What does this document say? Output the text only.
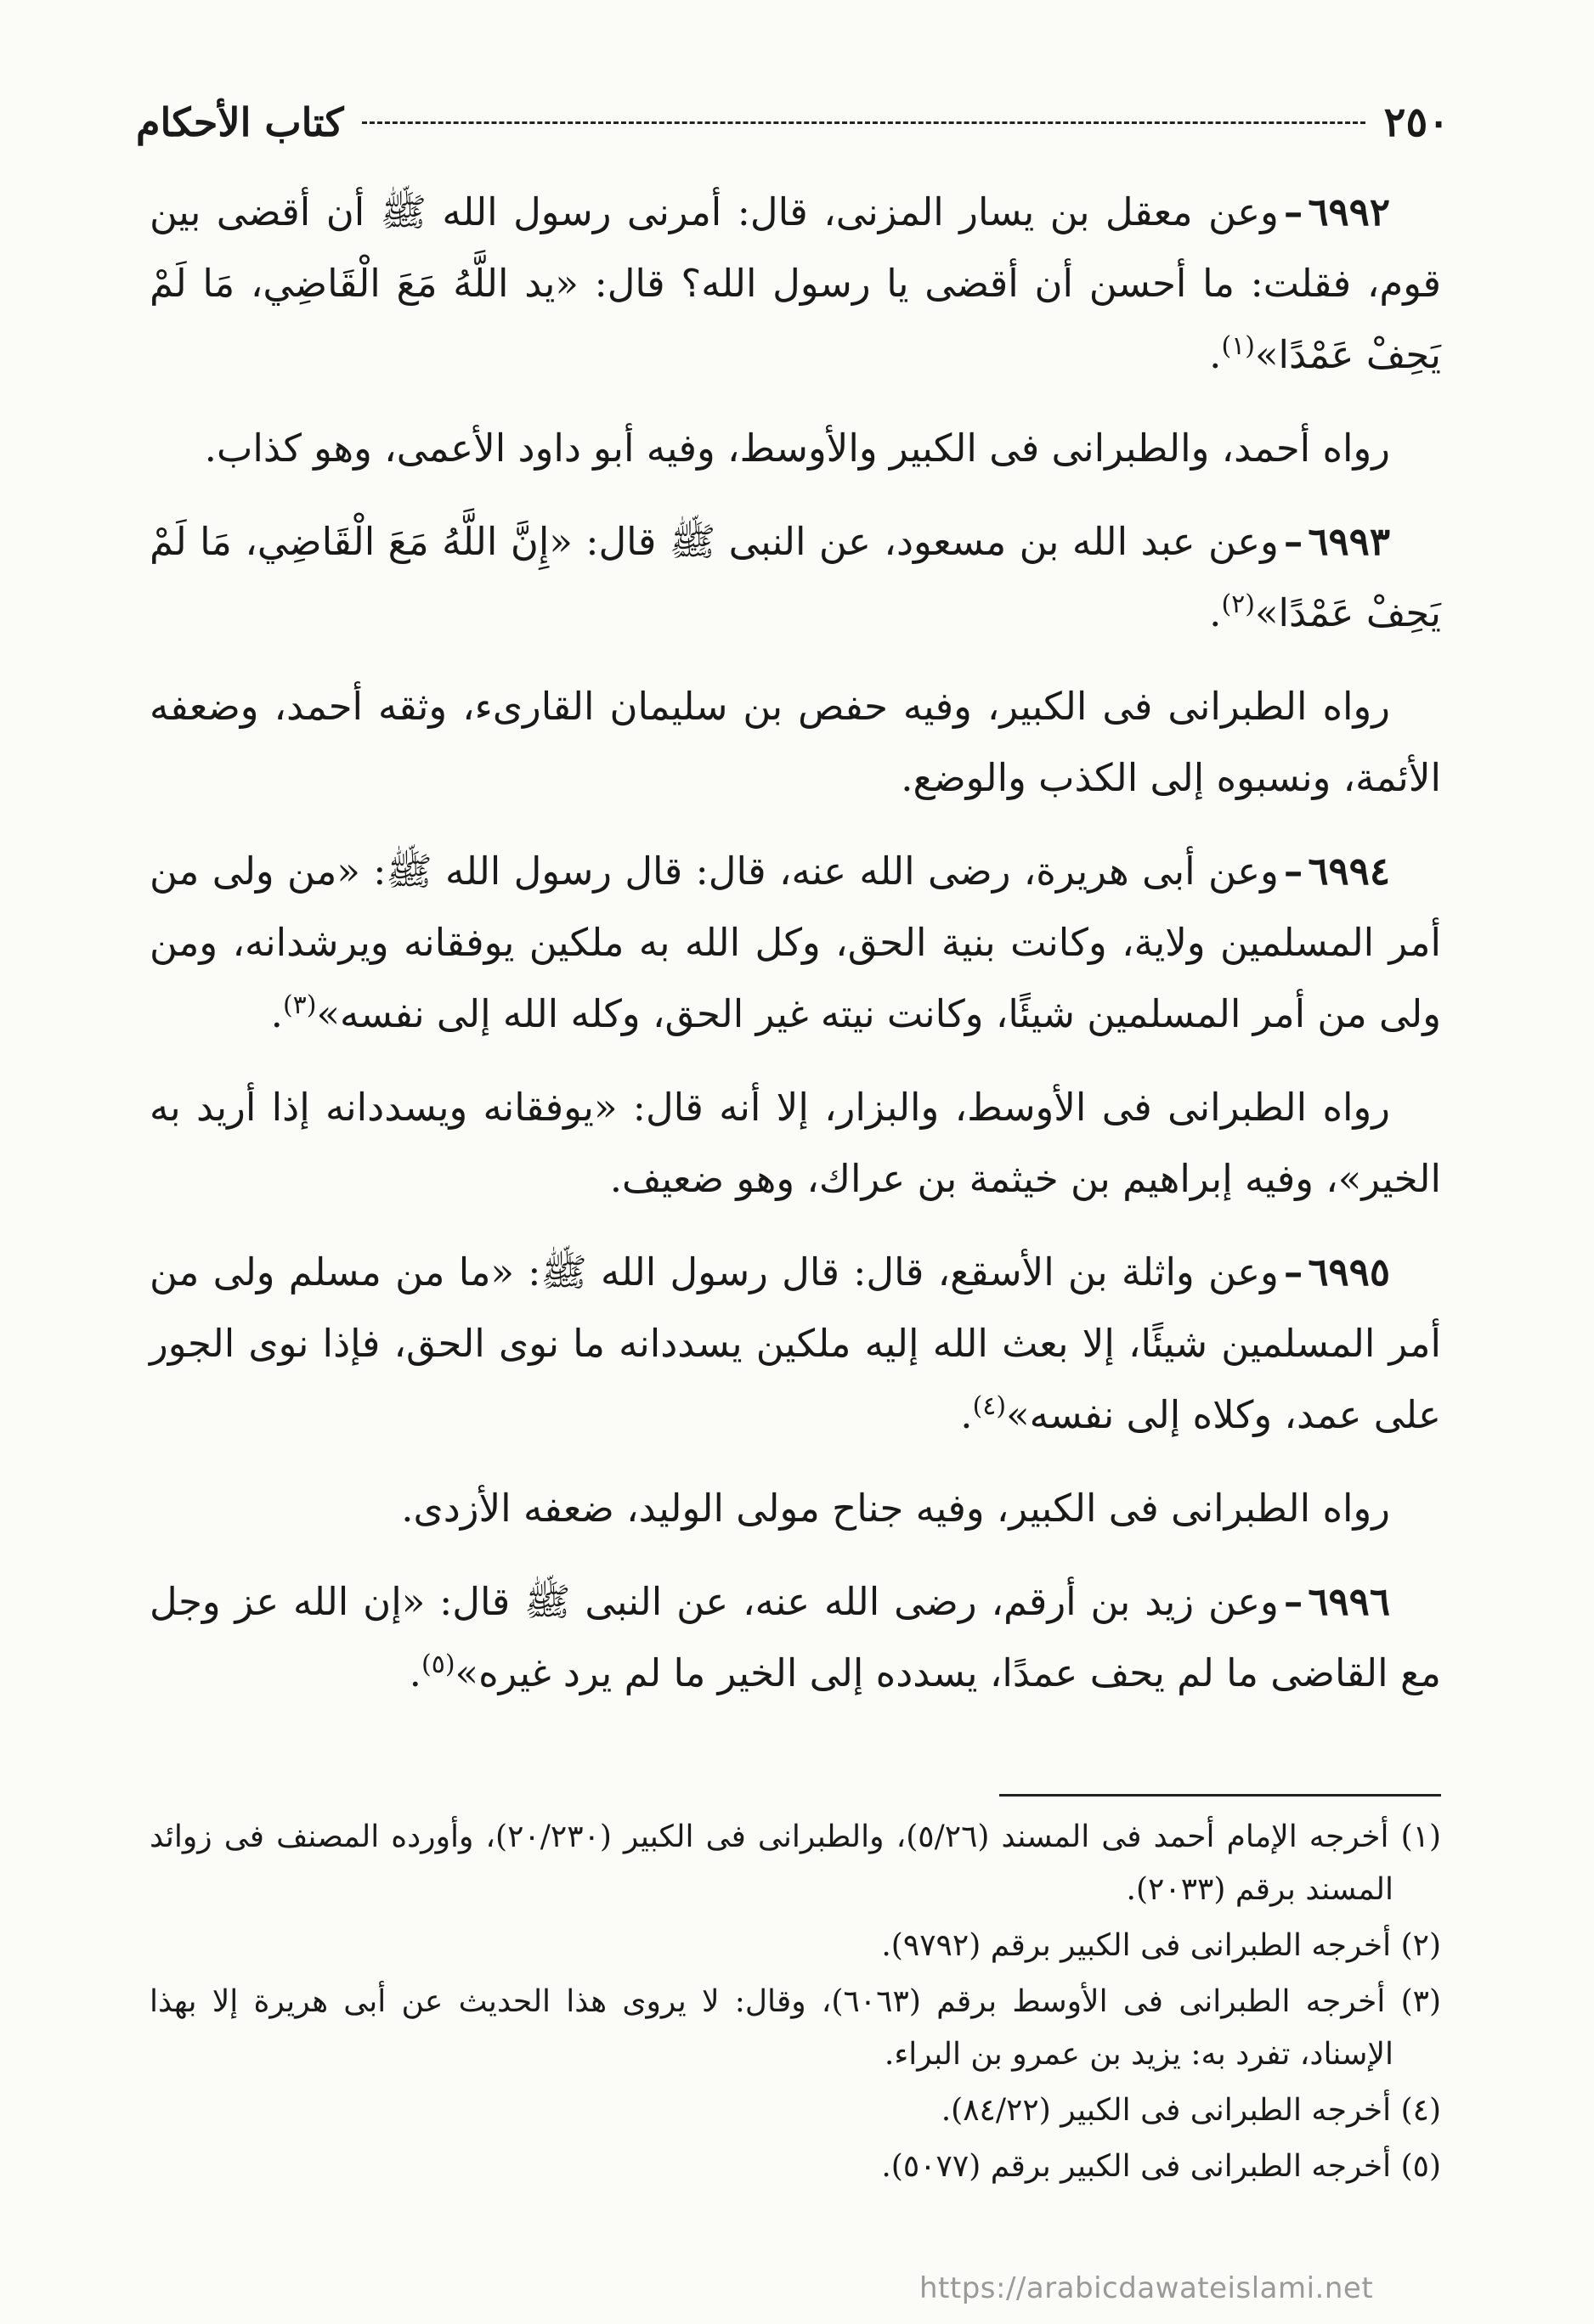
٢٥٠
كتاب الأحكام

٦٩٩٢–وعن معقل بن يسار المزنى، قال: أمرنى رسول الله ﷺ أن أقضى بين قوم، فقلت: ما أحسن أن أقضى يا رسول الله؟ قال: «يد اللَّهُ مَعَ الْقَاضِي، مَا لَمْ يَحِفْ عَمْدًا»$^{(١)}$.

رواه أحمد، والطبرانى فى الكبير والأوسط، وفيه أبو داود الأعمى، وهو كذاب.

٦٩٩٣–وعن عبد الله بن مسعود، عن النبى ﷺ قال: «إِنَّ اللَّهُ مَعَ الْقَاضِي، مَا لَمْ يَحِفْ عَمْدًا»$^{(٢)}$.

رواه الطبرانى فى الكبير، وفيه حفص بن سليمان القارىء، وثقه أحمد، وضعفه الأئمة، ونسبوه إلى الكذب والوضع.

٦٩٩٤–وعن أبى هريرة، رضى الله عنه، قال: قال رسول الله ﷺ: «من ولى من أمر المسلمين ولاية، وكانت بنية الحق، وكل الله به ملكين يوفقانه ويرشدانه، ومن ولى من أمر المسلمين شيئًا، وكانت نيته غير الحق، وكله الله إلى نفسه»$^{(٣)}$.

رواه الطبرانى فى الأوسط، والبزار، إلا أنه قال: «يوفقانه ويسددانه إذا أريد به الخير»، وفيه إبراهيم بن خيثمة بن عراك، وهو ضعيف.

٦٩٩٥–وعن واثلة بن الأسقع، قال: قال رسول الله ﷺ: «ما من مسلم ولى من أمر المسلمين شيئًا، إلا بعث الله إليه ملكين يسددانه ما نوى الحق، فإذا نوى الجور على عمد، وكلاه إلى نفسه»$^{(٤)}$.

رواه الطبرانى فى الكبير، وفيه جناح مولى الوليد، ضعفه الأزدى.

٦٩٩٦–وعن زيد بن أرقم، رضى الله عنه، عن النبى ﷺ قال: «إن الله عز وجل مع القاضى ما لم يحف عمدًا، يسدده إلى الخير ما لم يرد غيره»$^{(٥)}$.

(١) أخرجه الإمام أحمد فى المسند (٥/٢٦)، والطبرانى فى الكبير (٢٠/٢٣٠)، وأورده المصنف فى زوائد المسند برقم (٢٠٣٣).

(٢) أخرجه الطبرانى فى الكبير برقم (٩٧٩٢).

(٣) أخرجه الطبرانى فى الأوسط برقم (٦٠٦٣)، وقال: لا يروى هذا الحديث عن أبى هريرة إلا بهذا الإسناد، تفرد به: يزيد بن عمرو بن البراء.

(٤) أخرجه الطبرانى فى الكبير (٨٤/٢٢).

(٥) أخرجه الطبرانى فى الكبير برقم (٥٠٧٧).

https://arabicdawateislami.net
